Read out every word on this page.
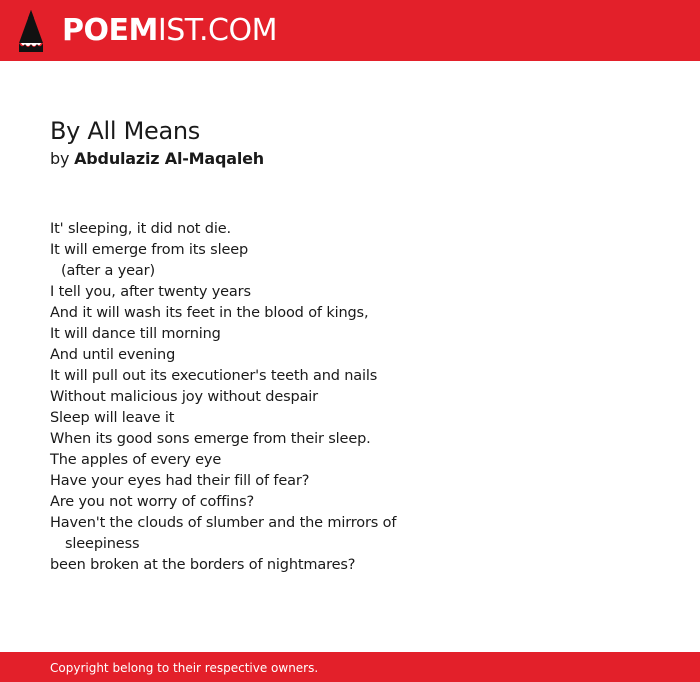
POEMIST.COM
By All Means
by Abdulaziz Al-Maqaleh
It' sleeping, it did not die.
It will emerge from its sleep
(after a year)
I tell you, after twenty years
And it will wash its feet in the blood of kings,
It will dance till morning
And until evening
It will pull out its executioner's teeth and nails
Without malicious joy without despair
Sleep will leave it
When its good sons emerge from their sleep.
The apples of every eye
Have your eyes had their fill of fear?
Are you not worry of coffins?
Haven't the clouds of slumber and the mirrors of
sleepiness
been broken at the borders of nightmares?
Copyright belong to their respective owners.
